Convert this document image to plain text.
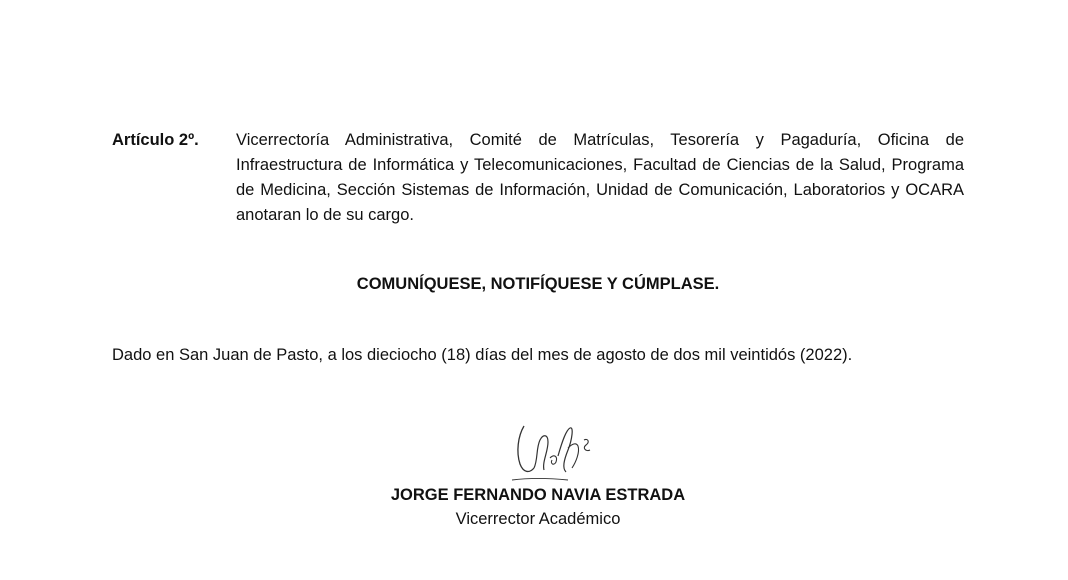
Artículo 2º.	Vicerrectoría Administrativa, Comité de Matrículas, Tesorería y Pagaduría, Oficina de Infraestructura de Informática y Telecomunicaciones, Facultad de Ciencias de la Salud, Programa de Medicina, Sección Sistemas de Información, Unidad de Comunicación, Laboratorios y OCARA anotaran lo de su cargo.
COMUNÍQUESE, NOTIFÍQUESE Y CÚMPLASE.
Dado en San Juan de Pasto, a los dieciocho (18) días del mes de agosto de dos mil veintidós (2022).
JORGE FERNANDO NAVIA ESTRADA
Vicerrector Académico
